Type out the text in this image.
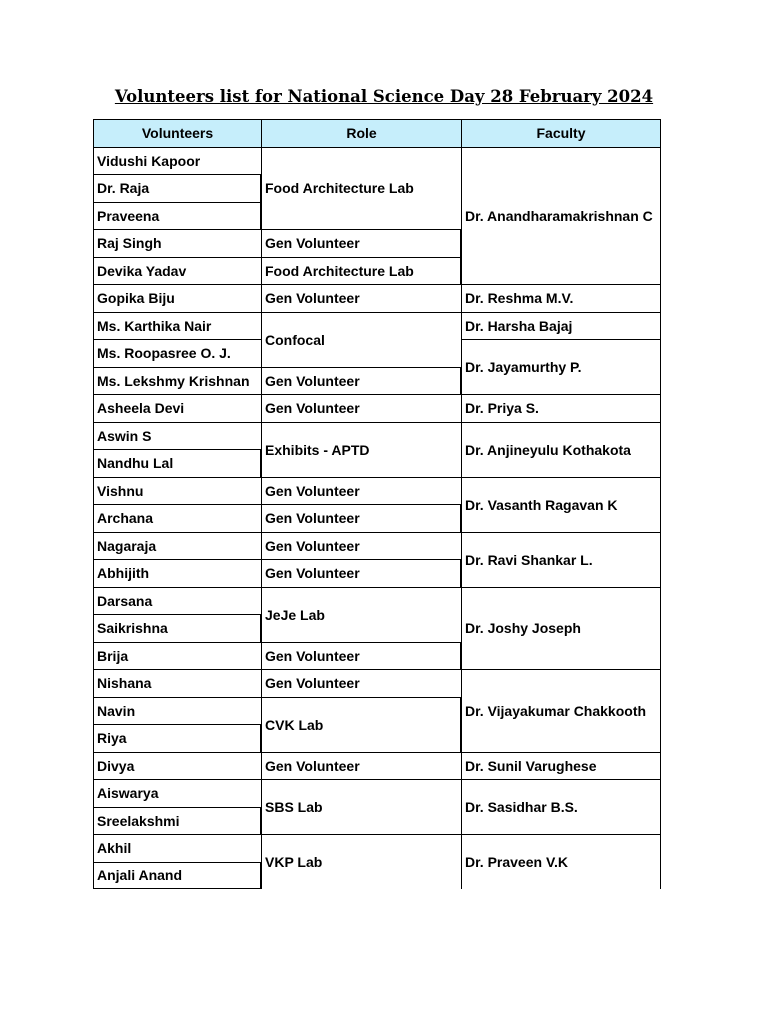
Volunteers list for National Science Day 28 February 2024
Volunteers	Role	Faculty
Vidushi Kapoor	Food Architecture Lab	Dr. Anandharamakrishnan C
Dr. Raja		
Praveena		
Raj Singh	Gen Volunteer	
Devika Yadav	Food Architecture Lab	
Gopika Biju	Gen Volunteer	Dr. Reshma M.V.
Ms. Karthika Nair	Confocal	Dr. Harsha Bajaj
Ms. Roopasree O. J.		Dr. Jayamurthy P.
Ms. Lekshmy Krishnan	Gen Volunteer	
Asheela Devi	Gen Volunteer	Dr. Priya S.
Aswin S	Exhibits - APTD	Dr. Anjineyulu Kothakota
Nandhu Lal		
Vishnu	Gen Volunteer	Dr. Vasanth Ragavan K
Archana	Gen Volunteer	
Nagaraja	Gen Volunteer	Dr. Ravi Shankar L.
Abhijith	Gen Volunteer	
Darsana	JeJe Lab	Dr. Joshy Joseph
Saikrishna		
Brija	Gen Volunteer	
Nishana	Gen Volunteer	Dr. Vijayakumar Chakkooth
Navin	CVK Lab	
Riya		
Divya	Gen Volunteer	Dr. Sunil Varughese
Aiswarya	SBS Lab	Dr. Sasidhar B.S.
Sreelakshmi		
Akhil	VKP Lab	Dr. Praveen V.K
Anjali Anand		
